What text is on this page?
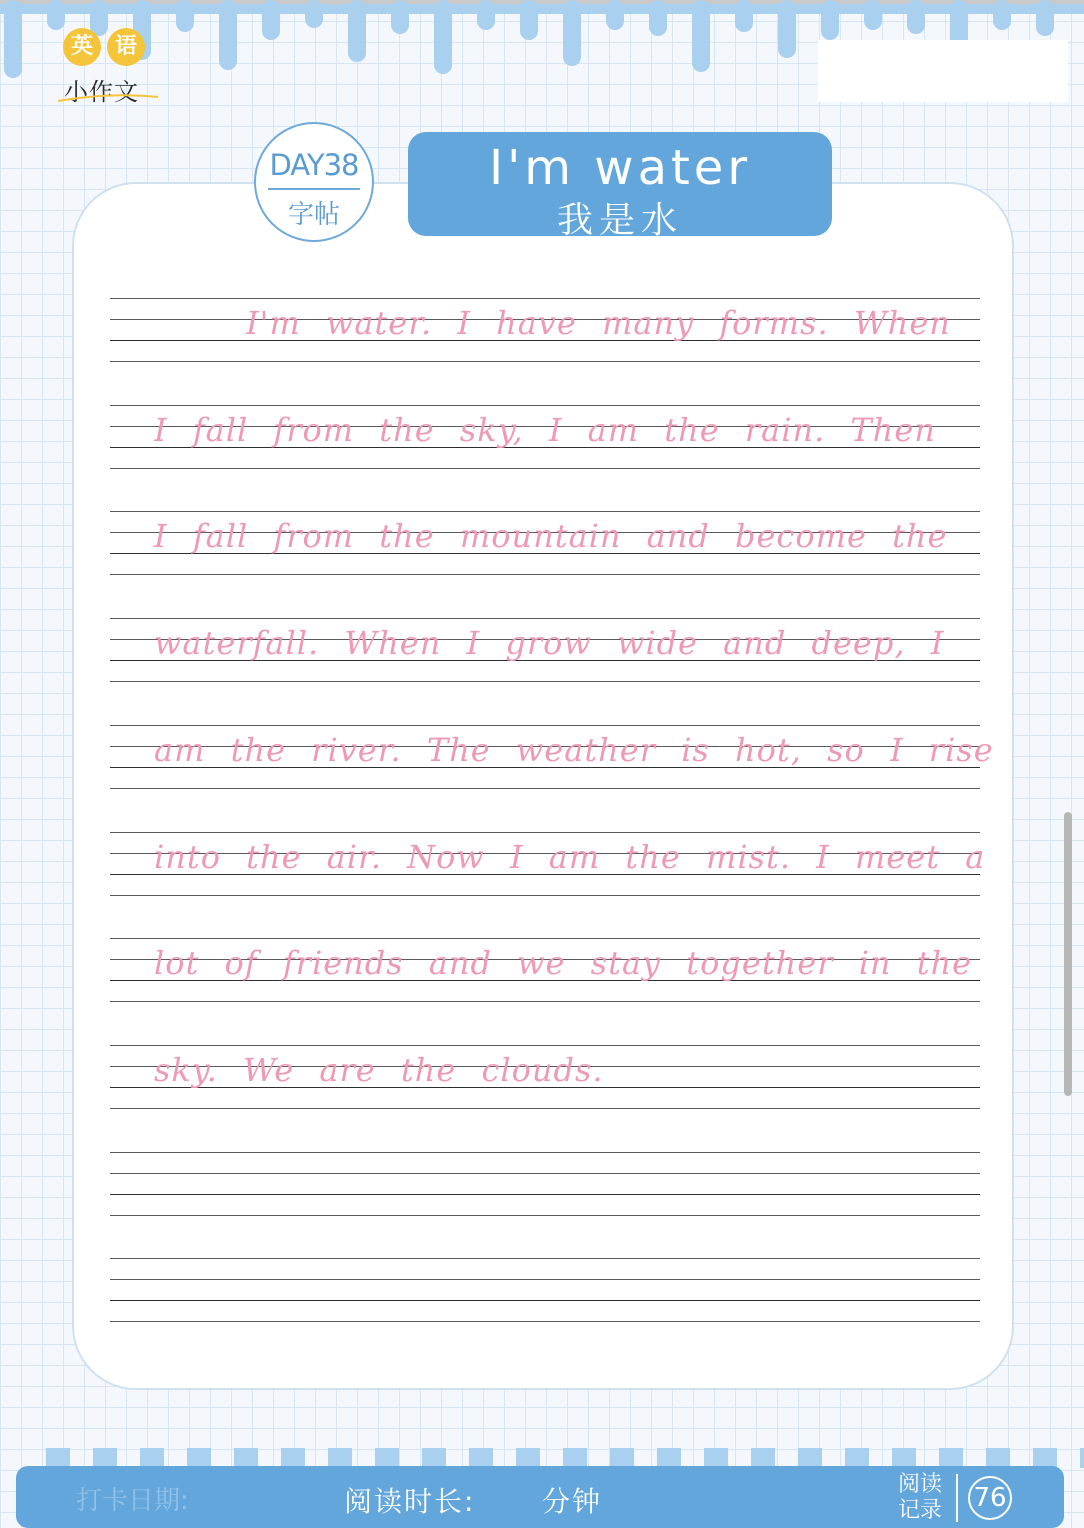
英 语
小作文
DAY38
字帖
I'm water
我是水
I'm water. I have many forms. When
I fall from the sky, I am the rain. Then
I fall from the mountain and become the
waterfall. When I grow wide and deep, I
am the river. The weather is hot, so I rise
into the air. Now I am the mist. I meet a
lot of friends and we stay together in the
sky. We are the clouds.
打卡日期:	阅读时长: 分钟
阅读记录	76
